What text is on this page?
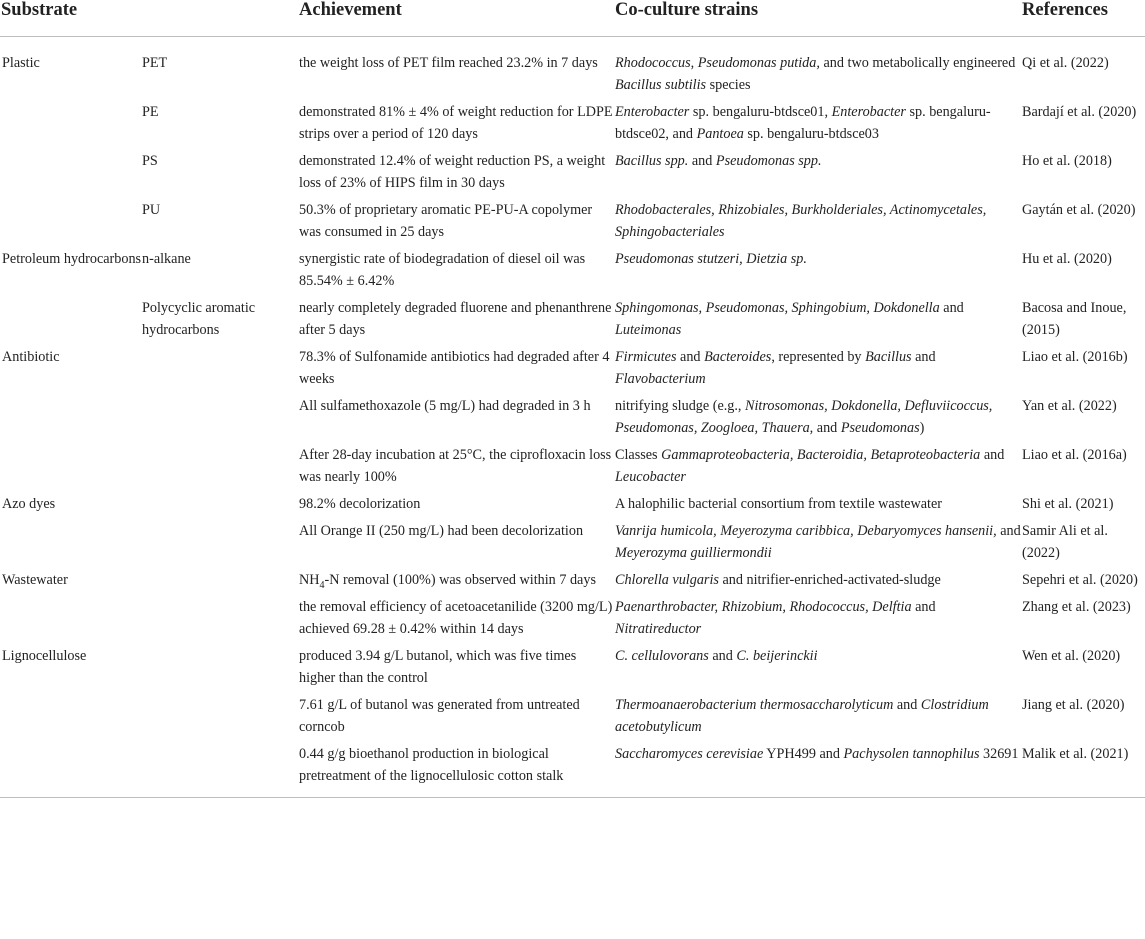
Substrate		Achievement	Co-culture strains	References
Plastic	PET	the weight loss of PET film reached 23.2% in 7 days	Rhodococcus, Pseudomonas putida, and two metabolically engineered Bacillus subtilis species	Qi et al. (2022)
	PE	demonstrated 81% ± 4% of weight reduction for LDPE strips over a period of 120 days	Enterobacter sp. bengaluru-btdsce01, Enterobacter sp. bengaluru-btdsce02, and Pantoea sp. bengaluru-btdsce03	Bardají et al. (2020)
	PS	demonstrated 12.4% of weight reduction PS, a weight loss of 23% of HIPS film in 30 days	Bacillus spp. and Pseudomonas spp.	Ho et al. (2018)
	PU	50.3% of proprietary aromatic PE-PU-A copolymer was consumed in 25 days	Rhodobacterales, Rhizobiales, Burkholderiales, Actinomycetales, Sphingobacteriales	Gaytán et al. (2020)
Petroleum hydrocarbons	n-alkane	synergistic rate of biodegradation of diesel oil was 85.54% ± 6.42%	Pseudomonas stutzeri, Dietzia sp.	Hu et al. (2020)
	Polycyclic aromatic hydrocarbons	nearly completely degraded fluorene and phenanthrene after 5 days	Sphingomonas, Pseudomonas, Sphingobium, Dokdonella and Luteimonas	Bacosa and Inoue, (2015)
Antibiotic		78.3% of Sulfonamide antibiotics had degraded after 4 weeks	Firmicutes and Bacteroides, represented by Bacillus and Flavobacterium	Liao et al. (2016b)
		All sulfamethoxazole (5 mg/L) had degraded in 3 h	nitrifying sludge (e.g., Nitrosomonas, Dokdonella, Defluviicoccus, Pseudomonas, Zoogloea, Thauera, and Pseudomonas)	Yan et al. (2022)
		After 28-day incubation at 25°C, the ciprofloxacin loss was nearly 100%	Classes Gammaproteobacteria, Bacteroidia, Betaproteobacteria and Leucobacter	Liao et al. (2016a)
Azo dyes		98.2% decolorization	A halophilic bacterial consortium from textile wastewater	Shi et al. (2021)
		All Orange II (250 mg/L) had been decolorization	Vanrija humicola, Meyerozyma caribbica, Debaryomyces hansenii, and Meyerozyma guilliermondii	Samir Ali et al. (2022)
Wastewater		$NH_4-N$ removal (100%) was observed within 7 days	Chlorella vulgaris and nitrifier-enriched-activated-sludge	Sepehri et al. (2020)
		the removal efficiency of acetoacetanilide (3200 mg/L) achieved 69.28 ± 0.42% within 14 days	Paenarthrobacter, Rhizobium, Rhodococcus, Delftia and Nitratireductor	Zhang et al. (2023)
Lignocellulose		produced 3.94 g/L butanol, which was five times higher than the control	C. cellulovorans and C. beijerinckii	Wen et al. (2020)
		7.61 g/L of butanol was generated from untreated corncob	Thermoanaerobacterium thermosaccharolyticum and Clostridium acetobutylicum	Jiang et al. (2020)
		0.44 g/g bioethanol production in biological pretreatment of the lignocellulosic cotton stalk	Saccharomyces cerevisiae YPH499 and Pachysolen tannophilus 32691	Malik et al. (2021)
